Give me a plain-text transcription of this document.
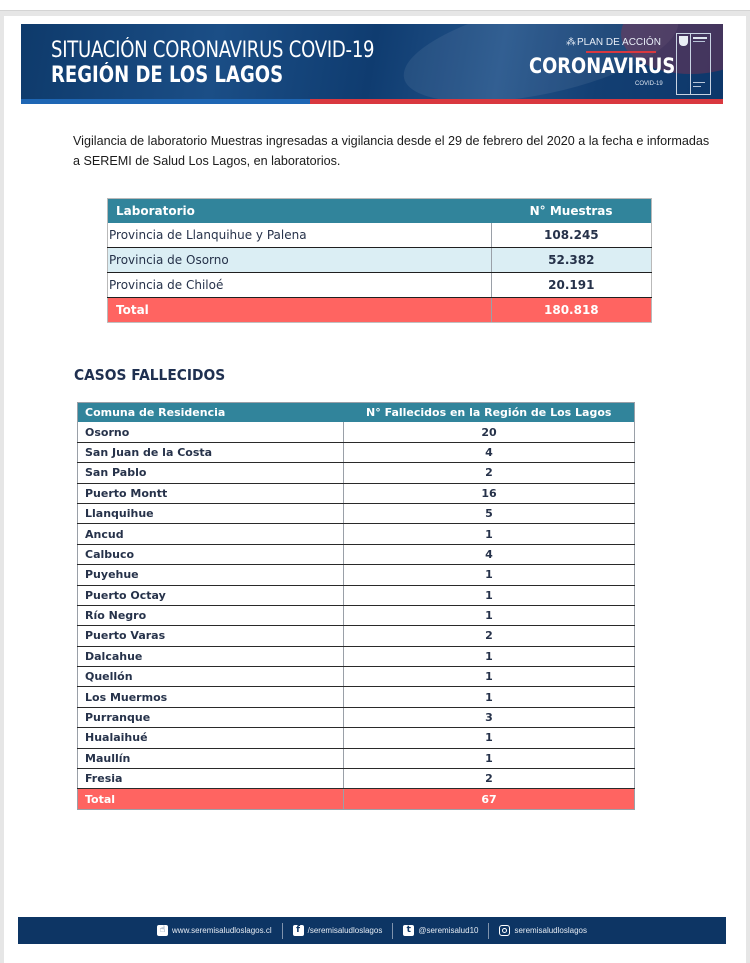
SITUACIÓN CORONAVIRUS COVID-19
REGIÓN DE LOS LAGOS
⁂ PLAN DE ACCIÓN
CORONAVIRUS
COVID-19
Vigilancia de laboratorio Muestras ingresadas a vigilancia desde el 29 de febrero del 2020 a la fecha e informadas a SEREMI de Salud Los Lagos, en laboratorios.
Laboratorio	N° Muestras
Provincia de Llanquihue y Palena	108.245
Provincia de Osorno	52.382
Provincia de Chiloé	20.191
Total	180.818
CASOS FALLECIDOS
Comuna de Residencia	N° Fallecidos en la Región de Los Lagos
Osorno	20
San Juan de la Costa	4
San Pablo	2
Puerto Montt	16
Llanquihue	5
Ancud	1
Calbuco	4
Puyehue	1
Puerto Octay	1
Río Negro	1
Puerto Varas	2
Dalcahue	1
Quellón	1
Los Muermos	1
Purranque	3
Hualaihué	1
Maullín	1
Fresia	2
Total	67
☝ www.seremisaludloslagos.cl	f /seremisaludloslagos	t @seremisalud10	seremisaludloslagos
